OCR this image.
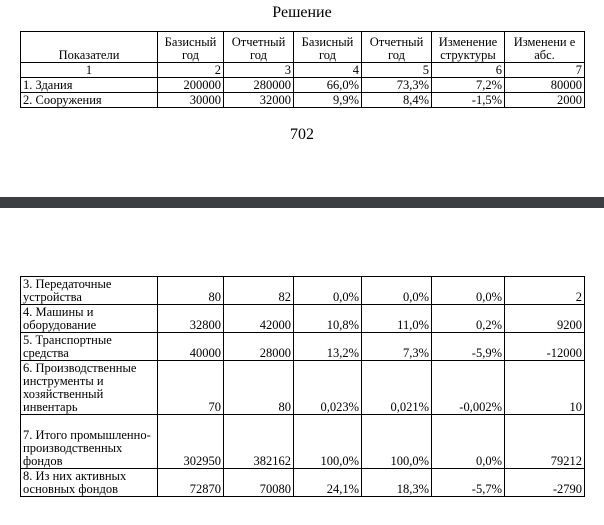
Решение
Показатели	Базисный год	Отчетный год	Базисный год	Отчетный год	Изменение структуры	Изменени е абс.
1	2	3	4	5	6	7
1. Здания	200000	280000	66,0%	73,3%	7,2%	80000
2. Сооружения	30000	32000	9,9%	8,4%	-1,5%	2000
702
3. Передаточные устройства	80	82	0,0%	0,0%	0,0%	2
4. Машины и оборудование	32800	42000	10,8%	11,0%	0,2%	9200
5. Транспортные средства	40000	28000	13,2%	7,3%	-5,9%	-12000
6. Производственные инструменты и хозяйственный инвентарь	70	80	0,023%	0,021%	-0,002%	10
7. Итого промышленно-производственных фондов	302950	382162	100,0%	100,0%	0,0%	79212
8. Из них активных основных фондов	72870	70080	24,1%	18,3%	-5,7%	-2790
